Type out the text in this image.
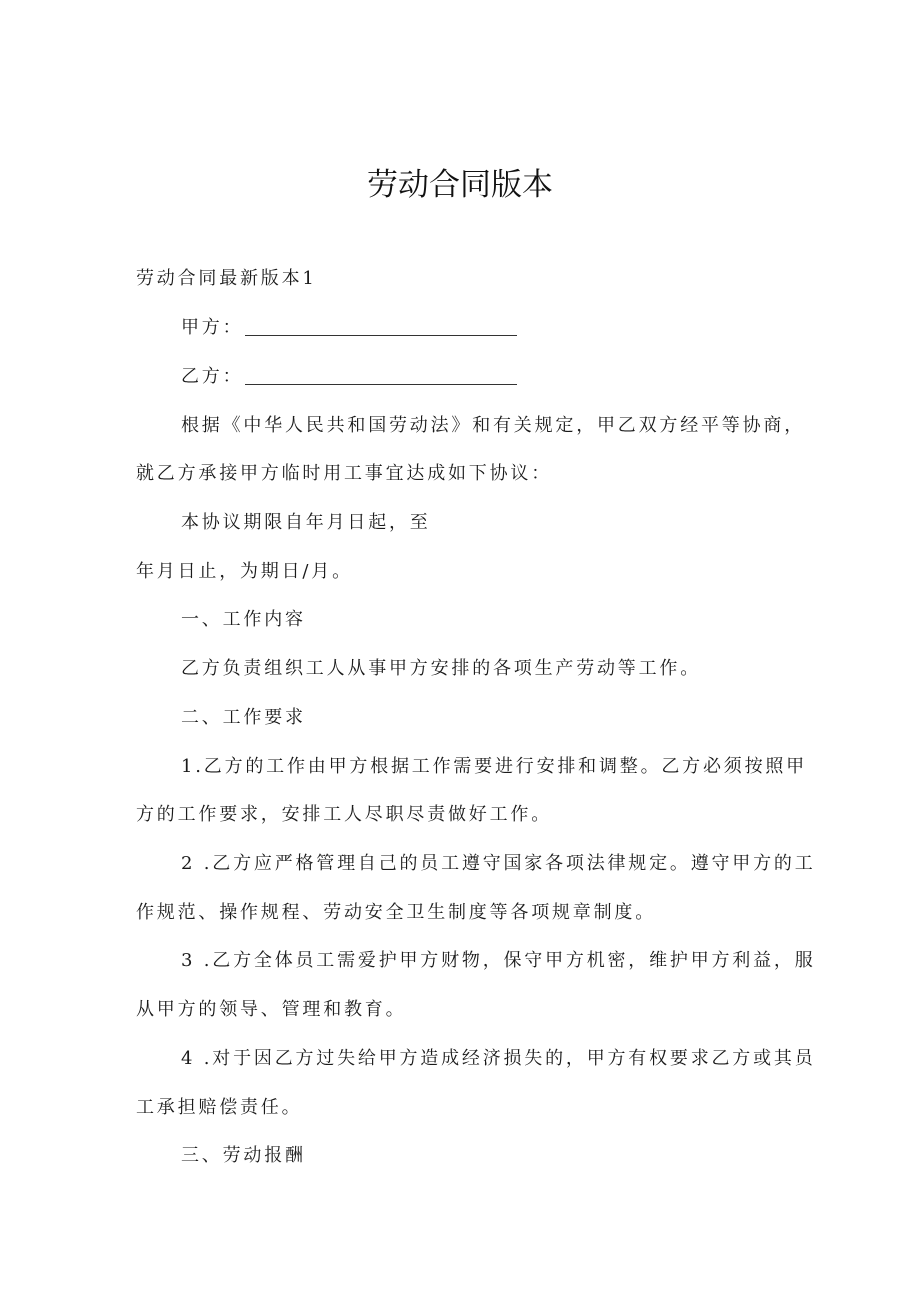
劳动合同版本
劳动合同最新版本1
甲方：
乙方：
根据《中华人民共和国劳动法》和有关规定，甲乙双方经平等协商，
就乙方承接甲方临时用工事宜达成如下协议：
本协议期限自年月日起，至
年月日止，为期日/月。
一、工作内容
乙方负责组织工人从事甲方安排的各项生产劳动等工作。
二、工作要求
1.乙方的工作由甲方根据工作需要进行安排和调整。乙方必须按照甲
方的工作要求，安排工人尽职尽责做好工作。
2 .乙方应严格管理自己的员工遵守国家各项法律规定。遵守甲方的工
作规范、操作规程、劳动安全卫生制度等各项规章制度。
3 .乙方全体员工需爱护甲方财物，保守甲方机密，维护甲方利益，服
从甲方的领导、管理和教育。
4 .对于因乙方过失给甲方造成经济损失的，甲方有权要求乙方或其员
工承担赔偿责任。
三、劳动报酬
